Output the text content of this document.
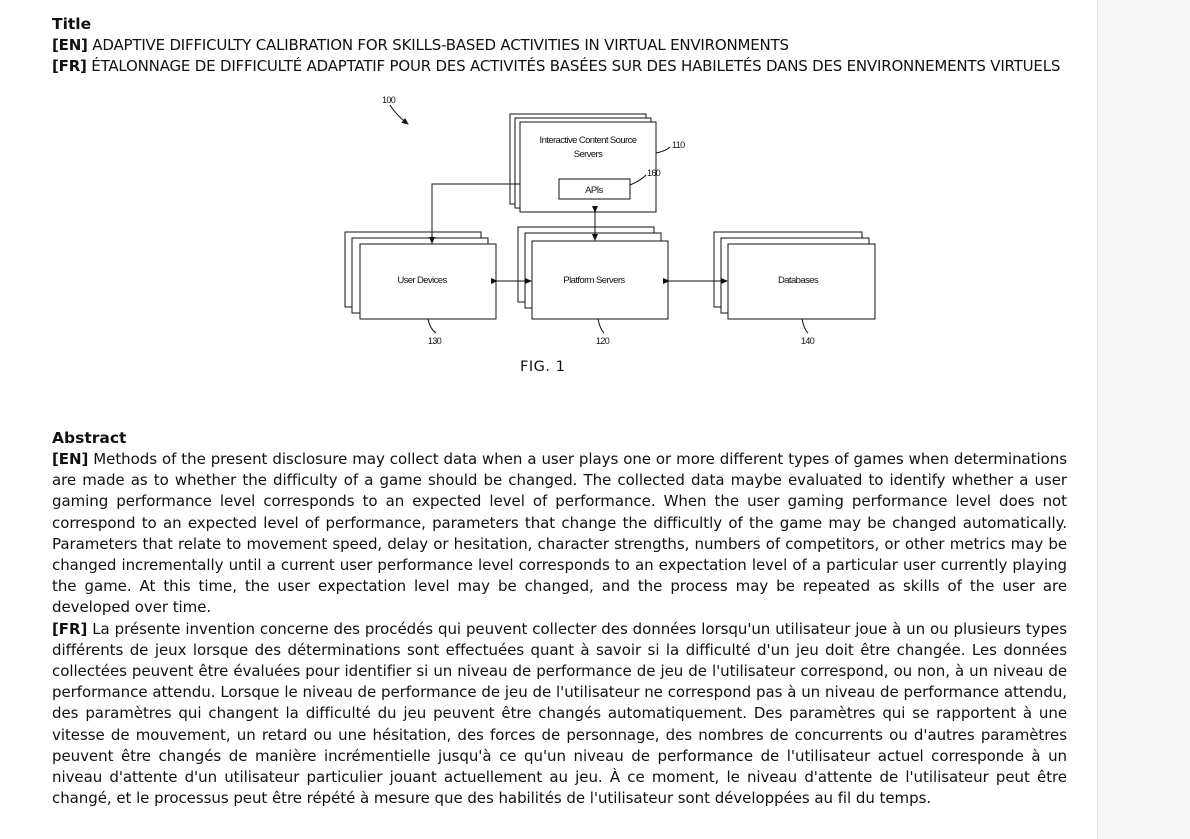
Title
[EN] ADAPTIVE DIFFICULTY CALIBRATION FOR SKILLS-BASED ACTIVITIES IN VIRTUAL ENVIRONMENTS
[FR] ÉTALONNAGE DE DIFFICULTÉ ADAPTATIF POUR DES ACTIVITÉS BASÉES SUR DES HABILETÉS DANS DES ENVIRONNEMENTS VIRTUELS
100
Interactive Content Source
Servers
APIs
110
160
User Devices	Platform Servers	Databases
130	120	140
FIG. 1
Abstract

[EN] Methods of the present disclosure may collect data when a user plays one or more different types of games when determinations are made as to whether the difficulty of a game should be changed. The collected data maybe evaluated to identify whether a user gaming performance level corresponds to an expected level of performance. When the user gaming performance level does not correspond to an expected level of performance, parameters that change the difficultly of the game may be changed automatically. Parameters that relate to movement speed, delay or hesitation, character strengths, numbers of competitors, or other metrics may be changed incrementally until a current user performance level corresponds to an expectation level of a particular user currently playing the game. At this time, the user expectation level may be changed, and the process may be repeated as skills of the user are developed over time.

[FR] La présente invention concerne des procédés qui peuvent collecter des données lorsqu'un utilisateur joue à un ou plusieurs types différents de jeux lorsque des déterminations sont effectuées quant à savoir si la difficulté d'un jeu doit être changée. Les données collectées peuvent être évaluées pour identifier si un niveau de performance de jeu de l'utilisateur correspond, ou non, à un niveau de performance attendu. Lorsque le niveau de performance de jeu de l'utilisateur ne correspond pas à un niveau de performance attendu, des paramètres qui changent la difficulté du jeu peuvent être changés automatiquement. Des paramètres qui se rapportent à une vitesse de mouvement, un retard ou une hésitation, des forces de personnage, des nombres de concurrents ou d'autres paramètres peuvent être changés de manière incrémentielle jusqu'à ce qu'un niveau de performance de l'utilisateur actuel corresponde à un niveau d'attente d'un utilisateur particulier jouant actuellement au jeu. À ce moment, le niveau d'attente de l'utilisateur peut être changé, et le processus peut être répété à mesure que des habilités de l'utilisateur sont développées au fil du temps.
